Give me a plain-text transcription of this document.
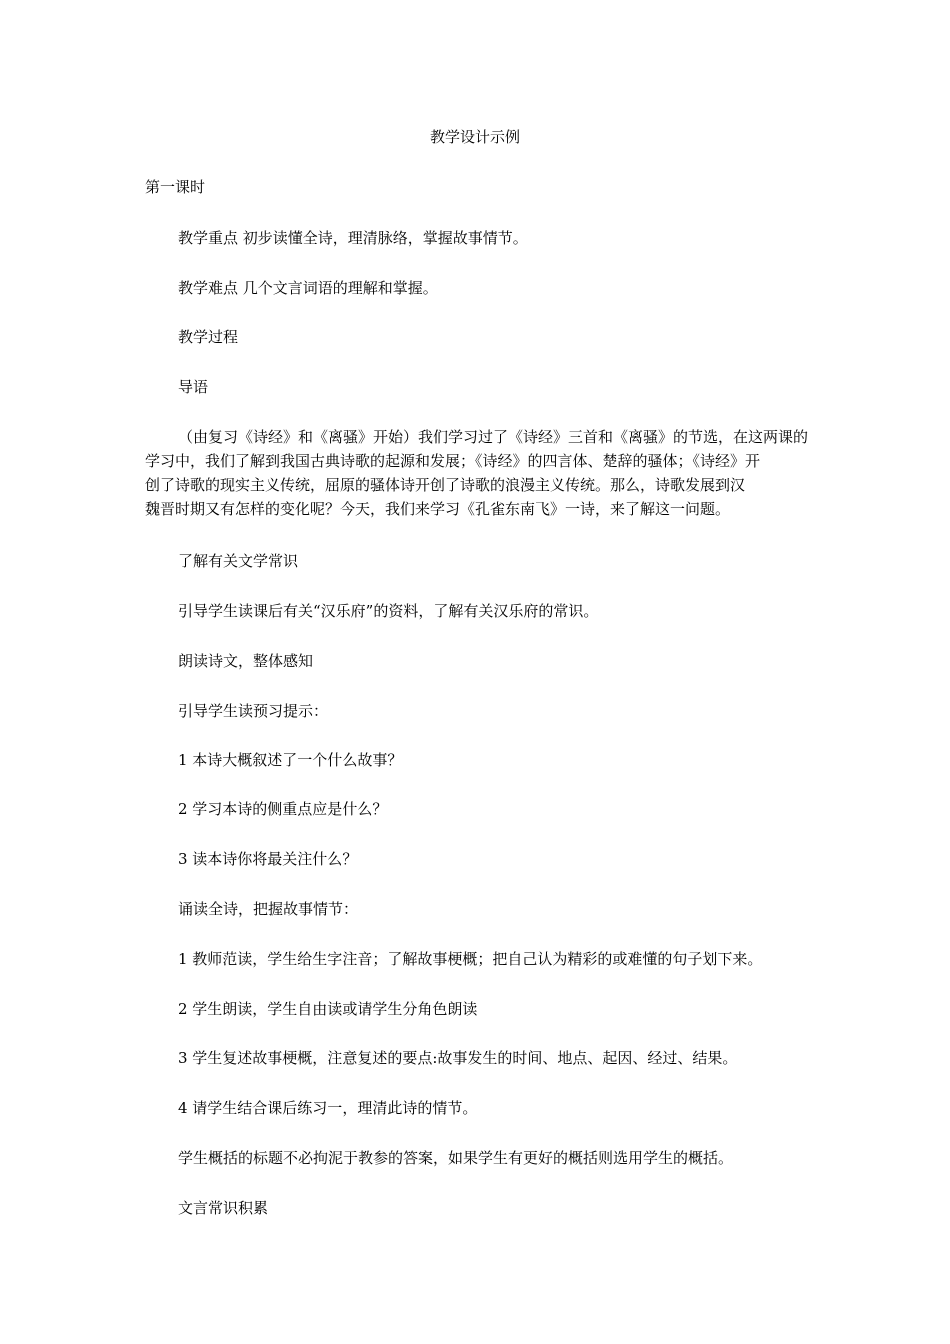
教学设计示例

第一课时

教学重点 初步读懂全诗，理清脉络，掌握故事情节。

教学难点 几个文言词语的理解和掌握。

教学过程

导语

（由复习《诗经》和《离骚》开始）我们学习过了《诗经》三首和《离骚》的节选，在这两课的
学习中，我们了解到我国古典诗歌的起源和发展；《诗经》的四言体、楚辞的骚体；《诗经》开
创了诗歌的现实主义传统，屈原的骚体诗开创了诗歌的浪漫主义传统。那么，诗歌发展到汉
魏晋时期又有怎样的变化呢？今天，我们来学习《孔雀东南飞》一诗，来了解这一问题。

了解有关文学常识

引导学生读课后有关“汉乐府”的资料，了解有关汉乐府的常识。

朗读诗文，整体感知

引导学生读预习提示：

1 本诗大概叙述了一个什么故事？

2 学习本诗的侧重点应是什么？

3 读本诗你将最关注什么？

诵读全诗，把握故事情节：

1 教师范读，学生给生字注音；了解故事梗概；把自己认为精彩的或难懂的句子划下来。

2 学生朗读，学生自由读或请学生分角色朗读

3 学生复述故事梗概，注意复述的要点:故事发生的时间、地点、起因、经过、结果。

4 请学生结合课后练习一，理清此诗的情节。

学生概括的标题不必拘泥于教参的答案，如果学生有更好的概括则选用学生的概括。

文言常识积累
